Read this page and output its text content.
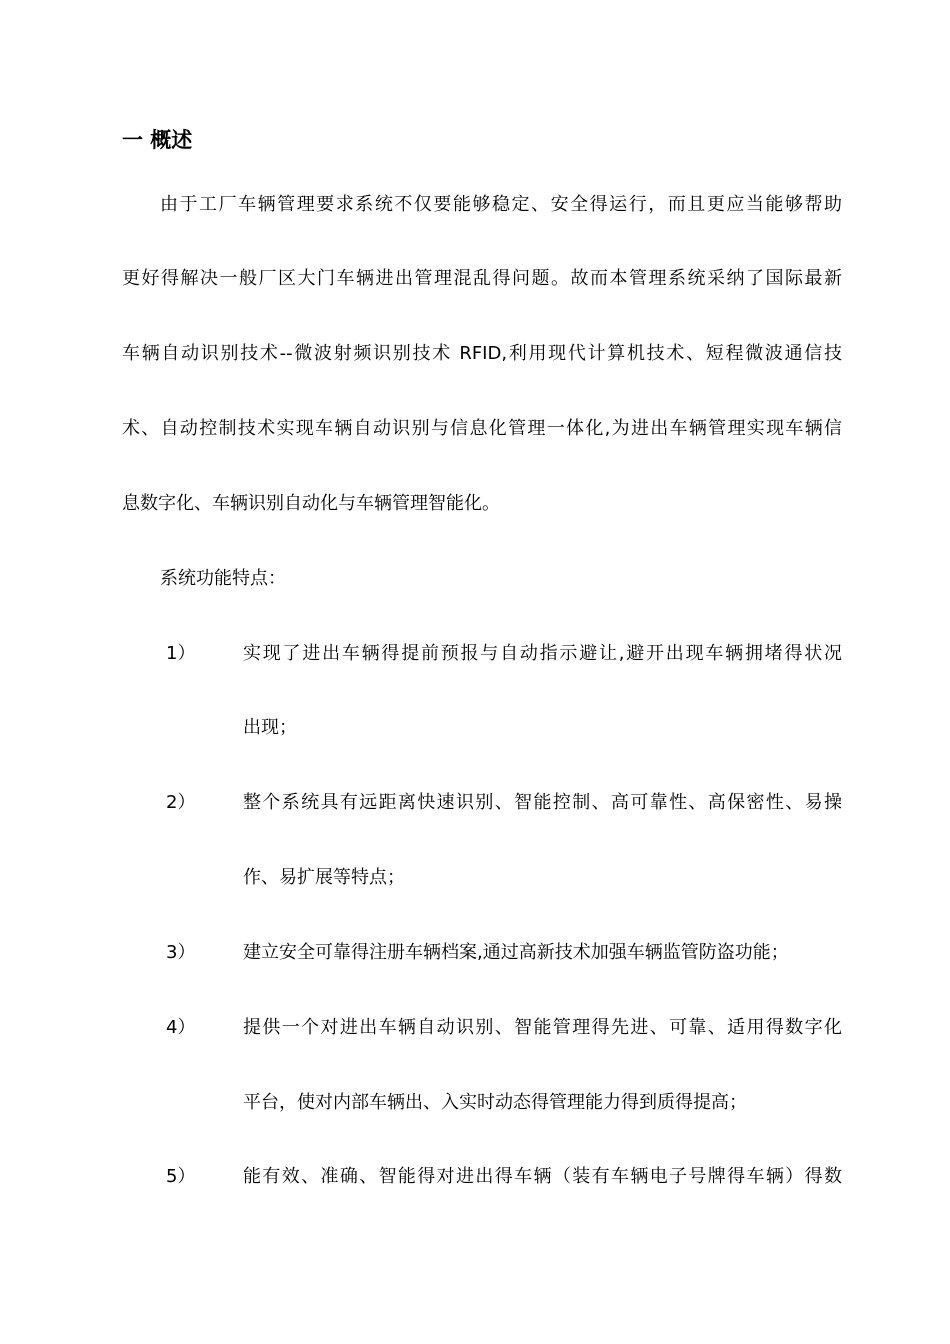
一 概述

由于工厂车辆管理要求系统不仅要能够稳定、安全得运行，而且更应当能够帮助

更好得解决一般厂区大门车辆进出管理混乱得问题。故而本管理系统采纳了国际最新

车辆自动识别技术--微波射频识别技术 RFID,利用现代计算机技术、短程微波通信技

术、自动控制技术实现车辆自动识别与信息化管理一体化,为进出车辆管理实现车辆信

息数字化、车辆识别自动化与车辆管理智能化。

系统功能特点：

1）	实现了进出车辆得提前预报与自动指示避让,避开出现车辆拥堵得状况

出现；

2）	整个系统具有远距离快速识别、智能控制、高可靠性、高保密性、易操

作、易扩展等特点；

3）	建立安全可靠得注册车辆档案,通过高新技术加强车辆监管防盗功能；

4）	提供一个对进出车辆自动识别、智能管理得先进、可靠、适用得数字化

平台，使对内部车辆出、入实时动态得管理能力得到质得提高；

5）	能有效、准确、智能得对进出得车辆（装有车辆电子号牌得车辆）得数
